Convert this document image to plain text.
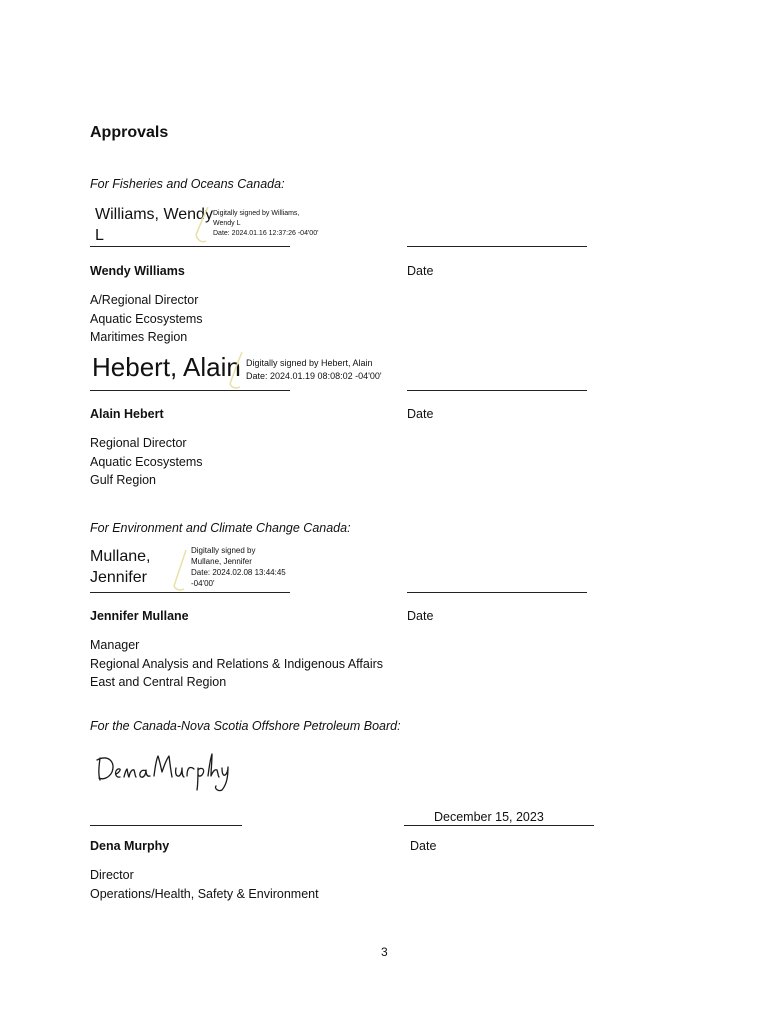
Approvals
For Fisheries and Oceans Canada:
Williams, Wendy
L
Digitally signed by Williams,
Wendy L
Date: 2024.01.16 12:37:26 -04'00'
Wendy Williams	Date
A/Regional Director
Aquatic Ecosystems
Maritimes Region
Hebert, Alain Digitally signed by Hebert, Alain
Date: 2024.01.19 08:08:02 -04'00'
Alain Hebert	Date
Regional Director
Aquatic Ecosystems
Gulf Region
For Environment and Climate Change Canada:
Mullane,
Jennifer
Digitally signed by
Mullane, Jennifer
Date: 2024.02.08 13:44:45
-04'00'
Jennifer Mullane	Date
Manager
Regional Analysis and Relations & Indigenous Affairs
East and Central Region
For the Canada-Nova Scotia Offshore Petroleum Board:
December 15, 2023
Dena Murphy	Date
Director
Operations/Health, Safety & Environment
3
